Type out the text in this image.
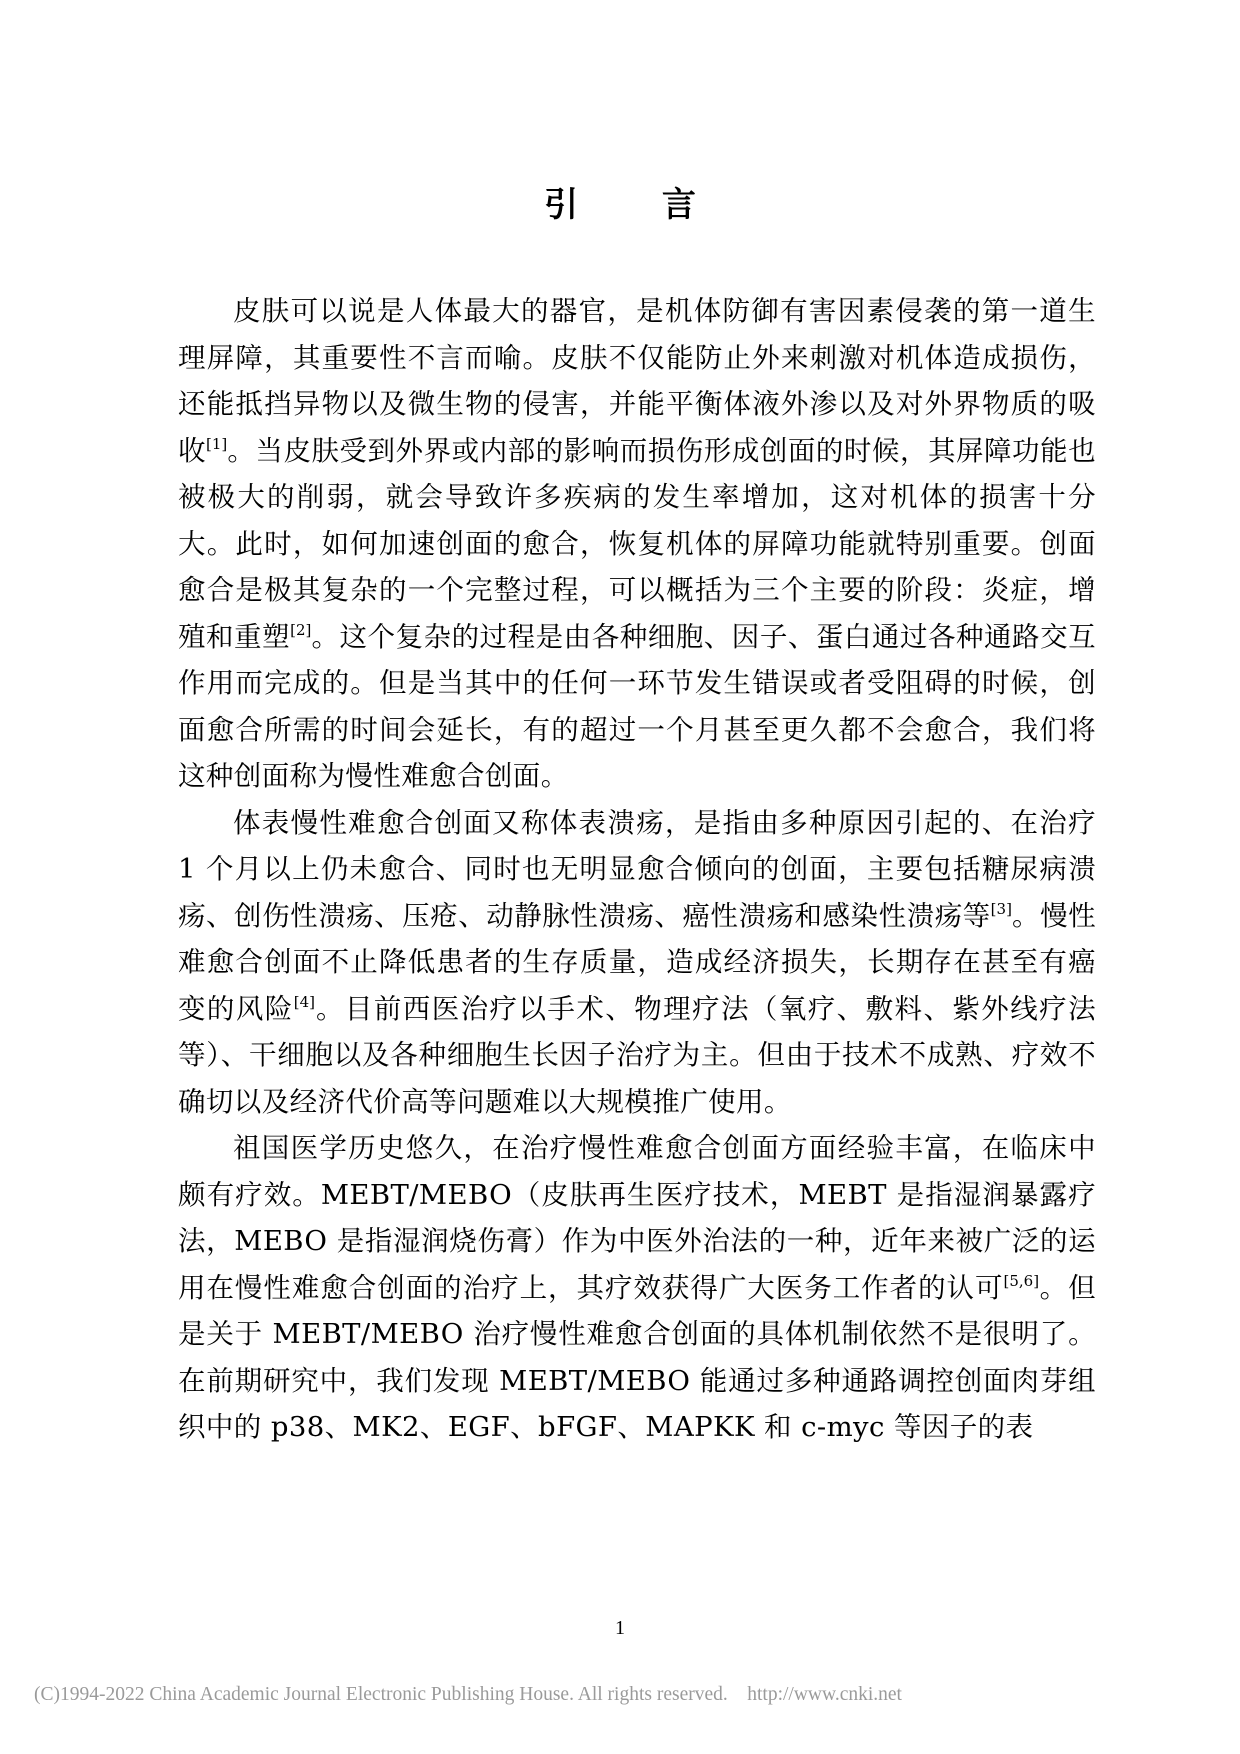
引 言

皮肤可以说是人体最大的器官，是机体防御有害因素侵袭的第一道生理屏障，其重要性不言而喻。皮肤不仅能防止外来刺激对机体造成损伤，还能抵挡异物以及微生物的侵害，并能平衡体液外渗以及对外界物质的吸收[1]。当皮肤受到外界或内部的影响而损伤形成创面的时候，其屏障功能也被极大的削弱，就会导致许多疾病的发生率增加，这对机体的损害十分大。此时，如何加速创面的愈合，恢复机体的屏障功能就特别重要。创面愈合是极其复杂的一个完整过程，可以概括为三个主要的阶段：炎症，增殖和重塑[2]。这个复杂的过程是由各种细胞、因子、蛋白通过各种通路交互作用而完成的。但是当其中的任何一环节发生错误或者受阻碍的时候，创面愈合所需的时间会延长，有的超过一个月甚至更久都不会愈合，我们将这种创面称为慢性难愈合创面。

体表慢性难愈合创面又称体表溃疡，是指由多种原因引起的、在治疗 1 个月以上仍未愈合、同时也无明显愈合倾向的创面，主要包括糖尿病溃疡、创伤性溃疡、压疮、动静脉性溃疡、癌性溃疡和感染性溃疡等[3]。慢性难愈合创面不止降低患者的生存质量，造成经济损失，长期存在甚至有癌变的风险[4]。目前西医治疗以手术、物理疗法（氧疗、敷料、紫外线疗法等）、干细胞以及各种细胞生长因子治疗为主。但由于技术不成熟、疗效不确切以及经济代价高等问题难以大规模推广使用。

祖国医学历史悠久，在治疗慢性难愈合创面方面经验丰富，在临床中颇有疗效。MEBT/MEBO（皮肤再生医疗技术，MEBT 是指湿润暴露疗法，MEBO 是指湿润烧伤膏）作为中医外治法的一种，近年来被广泛的运用在慢性难愈合创面的治疗上，其疗效获得广大医务工作者的认可[5,6]。但是关于 MEBT/MEBO 治疗慢性难愈合创面的具体机制依然不是很明了。在前期研究中，我们发现 MEBT/MEBO 能通过多种通路调控创面肉芽组织中的 p38、MK2、EGF、bFGF、MAPKK 和 c-myc 等因子的表

1
(C)1994-2022 China Academic Journal Electronic Publishing House. All rights reserved.    http://www.cnki.net
